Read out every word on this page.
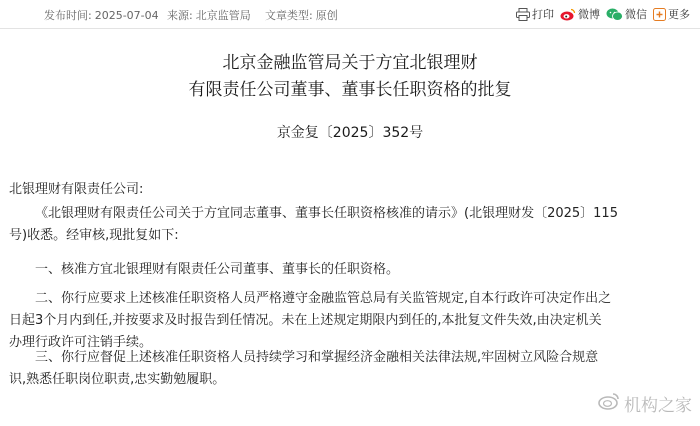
发布时间: 2025-07-04 来源: 北京监管局 文章类型: 原创	打印 微博 微信 更多
北京金融监管局关于方宜北银理财
有限责任公司董事、董事长任职资格的批复
京金复〔2025〕352号
北银理财有限责任公司:
《北银理财有限责任公司关于方宜同志董事、董事长任职资格核准的请示》(北银理财发〔2025〕115
号)收悉。经审核,现批复如下:
一、核准方宜北银理财有限责任公司董事、董事长的任职资格。
二、你行应要求上述核准任职资格人员严格遵守金融监管总局有关监管规定,自本行政许可决定作出之
日起3个月内到任,并按要求及时报告到任情况。未在上述规定期限内到任的,本批复文件失效,由决定机关
办理行政许可注销手续。
三、你行应督促上述核准任职资格人员持续学习和掌握经济金融相关法律法规,牢固树立风险合规意
识,熟悉任职岗位职责,忠实勤勉履职。
机构之家
